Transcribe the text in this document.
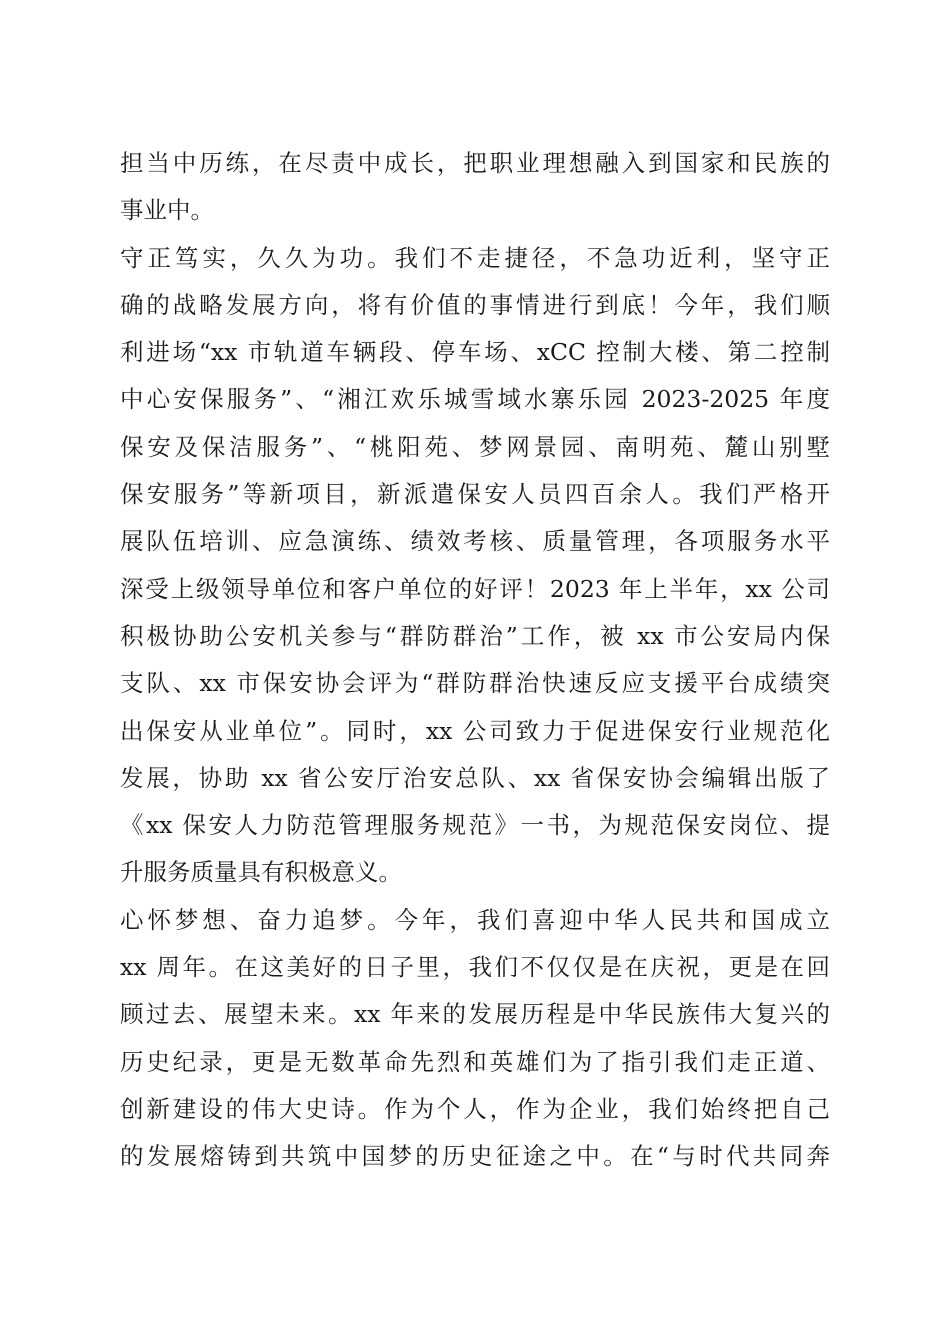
担当中历练，在尽责中成长，把职业理想融入到国家和民族的
事业中。
守正笃实，久久为功。我们不走捷径，不急功近利，坚守正
确的战略发展方向，将有价值的事情进行到底！今年，我们顺
利进场“xx 市轨道车辆段、停车场、xCC 控制大楼、第二控制
中心安保服务”、“湘江欢乐城雪域水寨乐园 2023-2025 年度
保安及保洁服务”、“桃阳苑、梦网景园、南明苑、麓山别墅
保安服务”等新项目，新派遣保安人员四百余人。我们严格开
展队伍培训、应急演练、绩效考核、质量管理，各项服务水平
深受上级领导单位和客户单位的好评！2023 年上半年，xx 公司
积极协助公安机关参与“群防群治”工作，被 xx 市公安局内保
支队、xx 市保安协会评为“群防群治快速反应支援平台成绩突
出保安从业单位”。同时，xx 公司致力于促进保安行业规范化
发展，协助 xx 省公安厅治安总队、xx 省保安协会编辑出版了
《xx 保安人力防范管理服务规范》一书，为规范保安岗位、提
升服务质量具有积极意义。
心怀梦想、奋力追梦。今年，我们喜迎中华人民共和国成立
xx 周年。在这美好的日子里，我们不仅仅是在庆祝，更是在回
顾过去、展望未来。xx 年来的发展历程是中华民族伟大复兴的
历史纪录，更是无数革命先烈和英雄们为了指引我们走正道、
创新建设的伟大史诗。作为个人，作为企业，我们始终把自己
的发展熔铸到共筑中国梦的历史征途之中。在“与时代共同奔
